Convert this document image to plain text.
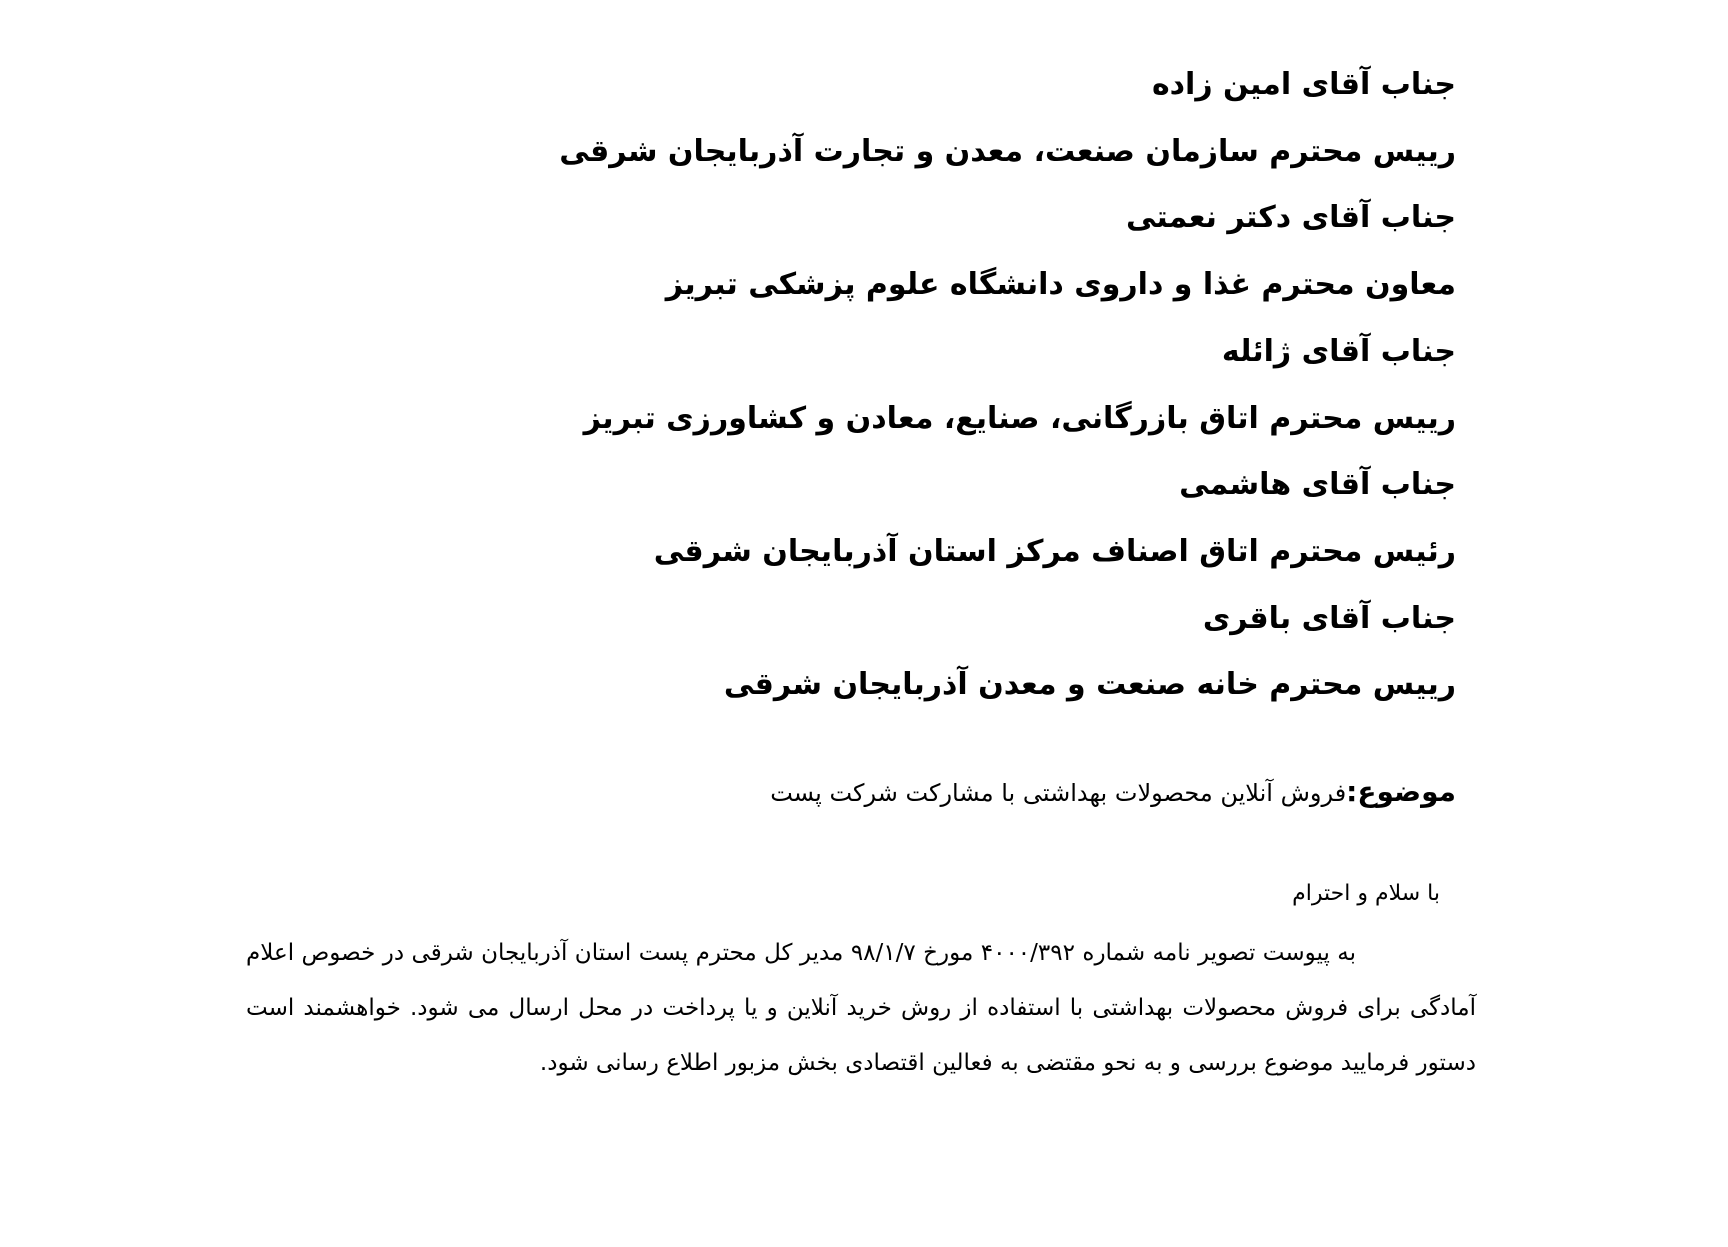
جناب آقای امین زاده
رییس محترم سازمان صنعت، معدن و تجارت آذربایجان شرقی
جناب آقای دکتر نعمتی
معاون محترم غذا و داروی دانشگاه علوم پزشکی تبریز
جناب آقای ژائله
رییس محترم اتاق بازرگانی، صنایع، معادن و کشاورزی تبریز
جناب آقای هاشمی
رئیس محترم اتاق اصناف مرکز استان آذربایجان شرقی
جناب آقای باقری
رییس محترم خانه صنعت و معدن آذربایجان شرقی
موضوع:فروش آنلاین محصولات بهداشتی با مشارکت شرکت پست
با سلام و احترام

به پیوست تصویر نامه شماره ۴۰۰۰/۳۹۲ مورخ ۹۸/۱/۷ مدیر کل محترم پست استان آذربایجان شرقی در خصوص اعلام آمادگی برای فروش محصولات بهداشتی با استفاده از روش خرید آنلاین و یا پرداخت در محل ارسال می شود. خواهشمند است دستور فرمایید موضوع بررسی و به نحو مقتضی به فعالین اقتصادی بخش مزبور اطلاع رسانی شود.
